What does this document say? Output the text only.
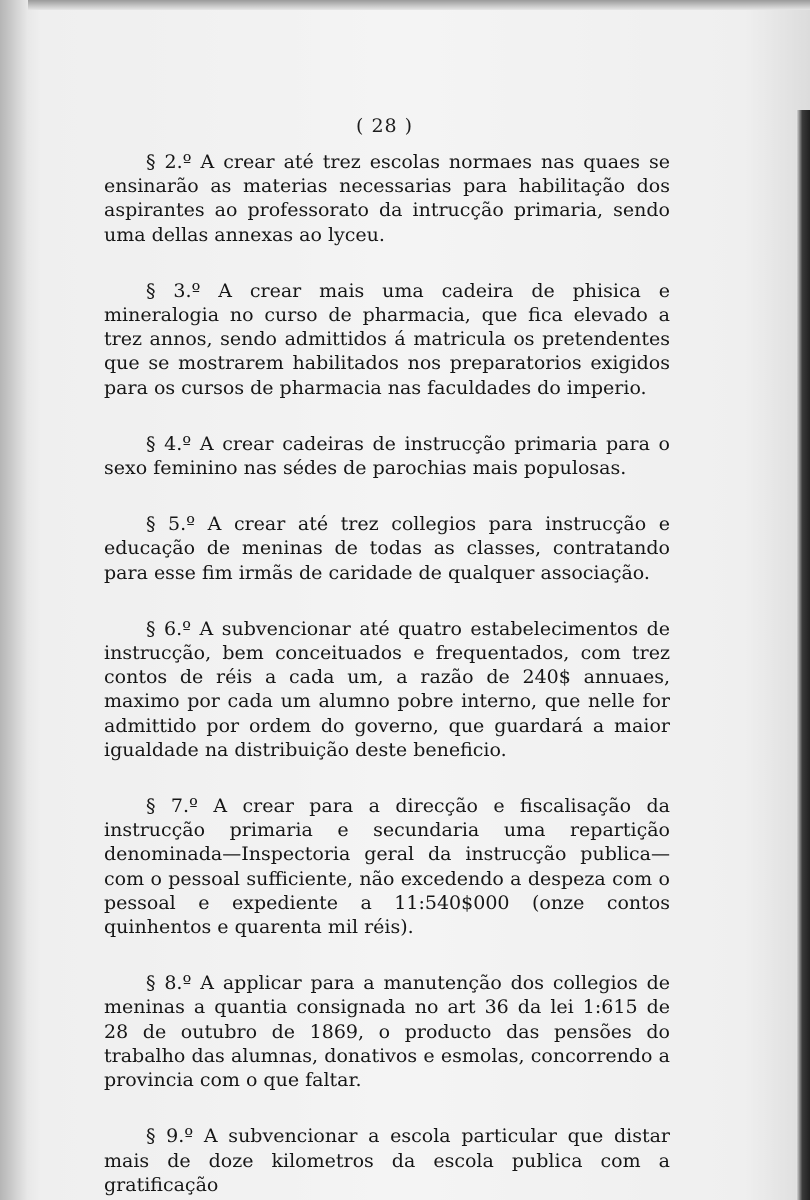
( 28 )

§ 2.º A crear até trez escolas normaes nas quaes se ensinarão as materias necessarias para habilitação dos aspirantes ao professorato da intrucção primaria, sendo uma dellas annexas ao lyceu.

§ 3.º A crear mais uma cadeira de phisica e mineralogia no curso de pharmacia, que fica elevado a trez annos, sendo admittidos á matricula os pretendentes que se mostrarem habilitados nos preparatorios exigidos para os cursos de pharmacia nas faculdades do imperio.

§ 4.º A crear cadeiras de instrucção primaria para o sexo feminino nas sédes de parochias mais populosas.

§ 5.º A crear até trez collegios para instrucção e educação de meninas de todas as classes, contratando para esse fim irmãs de caridade de qualquer associação.

§ 6.º A subvencionar até quatro estabelecimentos de instrucção, bem conceituados e frequentados, com trez contos de réis a cada um, a razão de 240$ annuaes, maximo por cada um alumno pobre interno, que nelle for admittido por ordem do governo, que guardará a maior igualdade na distribuição deste beneficio.

§ 7.º A crear para a direcção e fiscalisação da instrucção primaria e secundaria uma repartição denominada—Inspectoria geral da instrucção publica—com o pessoal sufficiente, não excedendo a despeza com o pessoal e expediente a 11:540$000 (onze contos quinhentos e quarenta mil réis).

§ 8.º A applicar para a manutenção dos collegios de meninas a quantia consignada no art 36 da lei 1:615 de 28 de outubro de 1869, o producto das pensões do trabalho das alumnas, donativos e esmolas, concorrendo a provincia com o que faltar.

§ 9.º A subvencionar a escola particular que distar mais de doze kilometros da escola publica com a gratificação
